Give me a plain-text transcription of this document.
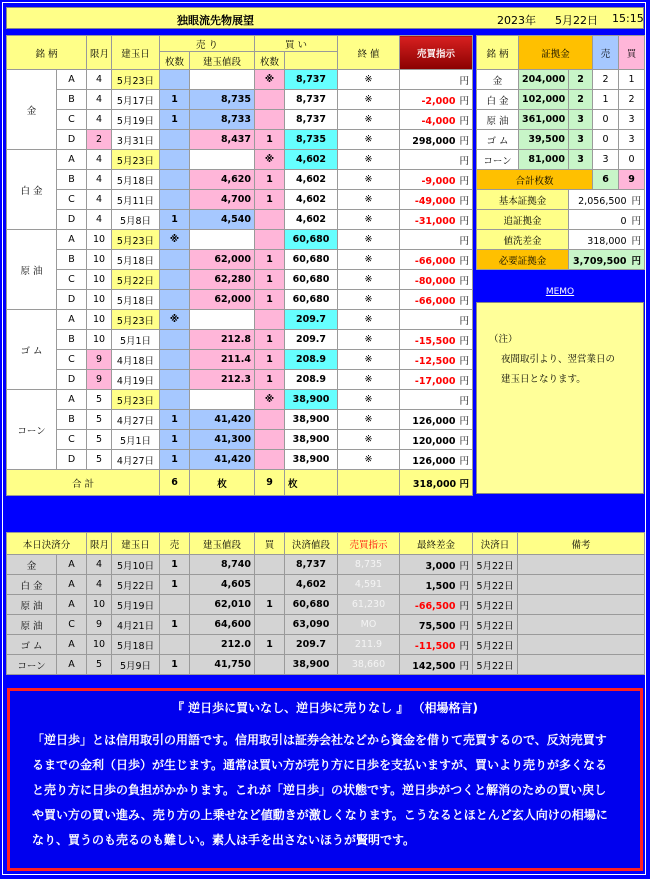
独眼流先物展望	2023年 5月22日 15:15
銘 柄		限月	建玉日	売 り		買 い		終 値	売買指示	
				枚数	建玉値段	枚数				
金	A	4	5月23日			※	8,737	※	円	
	B	4	5月17日	1	8,735		8,737	※	-2,000 円	
	C	4	5月19日	1	8,733		8,737	※	-4,000 円	
	D	2	3月31日		8,437	1	8,735	※	298,000 円	
白 金	A	4	5月23日			※	4,602	※	円	
	B	4	5月18日		4,620	1	4,602	※	-9,000 円	
	C	4	5月11日		4,700	1	4,602	※	-49,000 円	
	D	4	5月8日	1	4,540		4,602	※	-31,000 円	
原 油	A	10	5月23日	※			60,680	※	円	
	B	10	5月18日		62,000	1	60,680	※	-66,000 円	
	C	10	5月22日		62,280	1	60,680	※	-80,000 円	
	D	10	5月18日		62,000	1	60,680	※	-66,000 円	
ゴ ム	A	10	5月23日	※			209.7	※	円	
	B	10	5月1日		212.8	1	209.7	※	-15,500 円	
	C	9	4月18日		211.4	1	208.9	※	-12,500 円	
	D	9	4月19日		212.3	1	208.9	※	-17,000 円	
コーン	A	5	5月23日			※	38,900	※	円	
	B	5	4月27日	1	41,420		38,900	※	126,000 円	
	C	5	5月1日	1	41,300		38,900	※	120,000 円	
	D	5	4月27日	1	41,420		38,900	※	126,000 円	
合 計				6	枚	9	枚		318,000 円	
銘 柄	証拠金		売	買
金	204,000	2	2	1
白 金	102,000	2	1	2
原 油	361,000	3	0	3
ゴ ム	39,500	3	0	3
コーン	81,000	3	3	0
合計枚数			6	9
基本証拠金		2,056,500 円		
追証拠金		0 円		
値洗差金		318,000 円		
必要証拠金		3,709,500 円		
MEMO
（注）
夜間取引より、翌営業日の
建玉日となります。
本日決済分		限月	建玉日	売	建玉値段	買	決済値段	売買指示	最終差金	決済日	備考
金	A	4	5月10日	1	8,740		8,737	8,735	3,000 円	5月22日	
白 金	A	4	5月22日	1	4,605		4,602	4,591	1,500 円	5月22日	
原 油	A	10	5月19日		62,010	1	60,680	61,230	-66,500 円	5月22日	
原 油	C	9	4月21日	1	64,600		63,090	MO	75,500 円	5月22日	
ゴ ム	A	10	5月18日		212.0	1	209.7	211.9	-11,500 円	5月22日	
コーン	A	5	5月9日	1	41,750		38,900	38,660	142,500 円	5月22日	
『 逆日歩に買いなし、逆日歩に売りなし 』 （相場格言)
「逆日歩」とは信用取引の用語です。信用取引は証券会社などから資金を借りて売買するので、反対売買するまでの金利（日歩）が生じます。通常は買い方が売り方に日歩を支払いますが、買いより売りが多くなると売り方に日歩の負担がかかります。これが「逆日歩」の状態です。逆日歩がつくと解消のための買い戻しや買い方の買い進み、売り方の上乗せなど値動きが激しくなります。こうなるとほとんど玄人向けの相場になり、買うのも売るのも難しい。素人は手を出さないほうが賢明です。
